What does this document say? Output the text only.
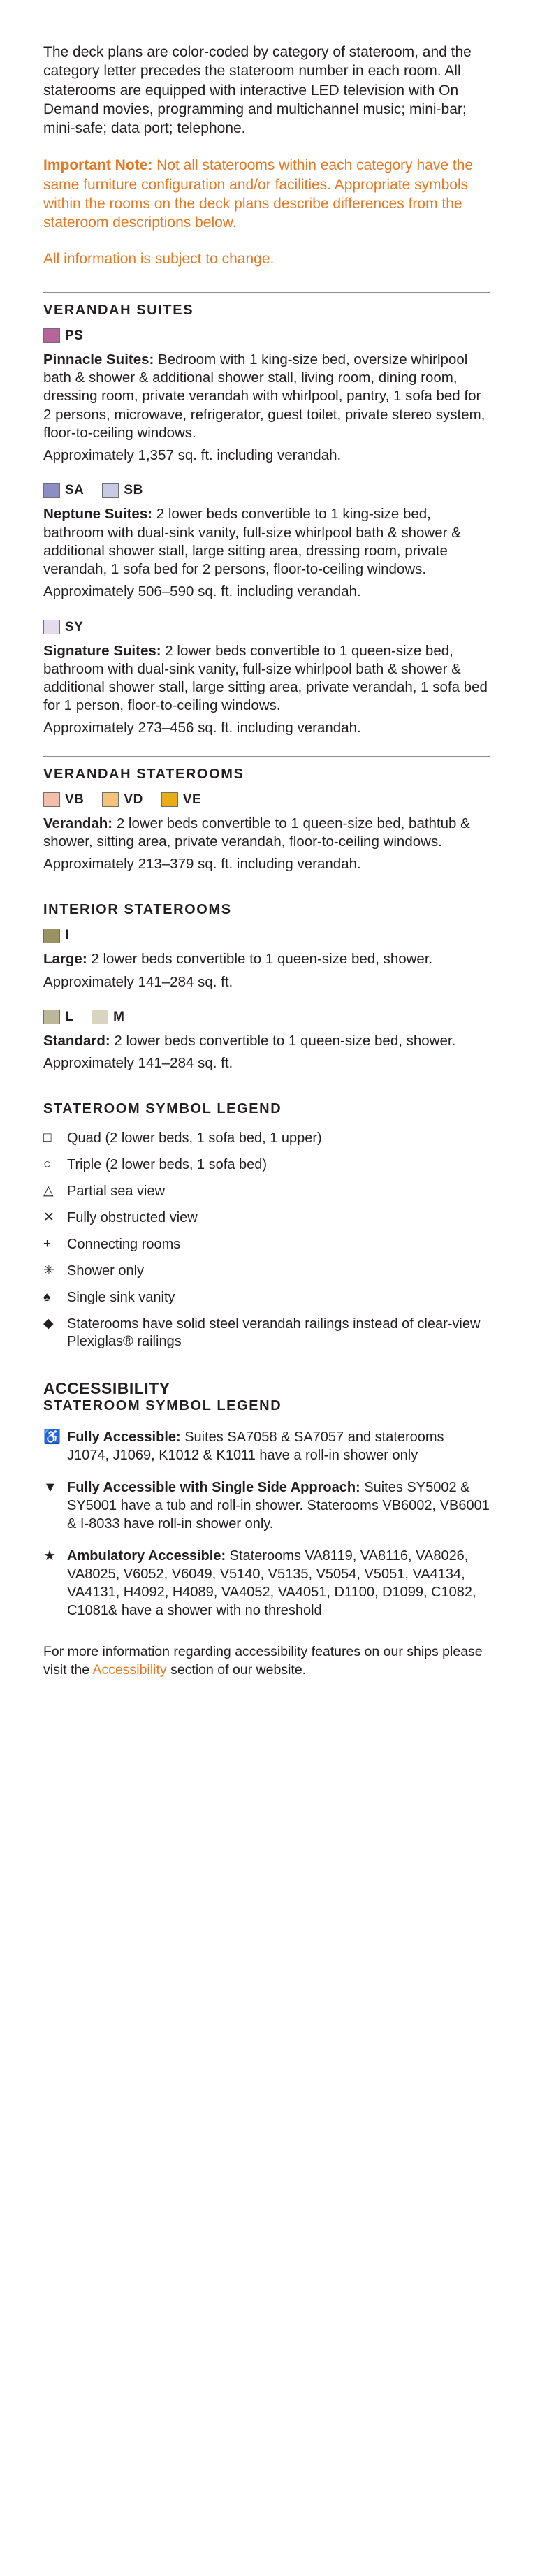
The deck plans are color-coded by category of stateroom, and the category letter precedes the stateroom number in each room. All staterooms are equipped with interactive LED television with On Demand movies, programming and multichannel music; mini-bar; mini-safe; data port; telephone.

Important Note: Not all staterooms within each category have the same furniture configuration and/or facilities. Appropriate symbols within the rooms on the deck plans describe differences from the stateroom descriptions below.

All information is subject to change.

VERANDAH SUITES
PS

Pinnacle Suites: Bedroom with 1 king-size bed, oversize whirlpool bath & shower & additional shower stall, living room, dining room, dressing room, private verandah with whirlpool, pantry, 1 sofa bed for 2 persons, microwave, refrigerator, guest toilet, private stereo system, floor-to-ceiling windows.

Approximately 1,357 sq. ft. including verandah.

SA	SB

Neptune Suites: 2 lower beds convertible to 1 king-size bed, bathroom with dual-sink vanity, full-size whirlpool bath & shower & additional shower stall, large sitting area, dressing room, private verandah, 1 sofa bed for 2 persons, floor-to-ceiling windows.

Approximately 506–590 sq. ft. including verandah.

SY

Signature Suites: 2 lower beds convertible to 1 queen-size bed, bathroom with dual-sink vanity, full-size whirlpool bath & shower & additional shower stall, large sitting area, private verandah, 1 sofa bed for 1 person, floor-to-ceiling windows.

Approximately 273–456 sq. ft. including verandah.

VERANDAH STATEROOMS
VB	VD	VE

Verandah: 2 lower beds convertible to 1 queen-size bed, bathtub & shower, sitting area, private verandah, floor-to-ceiling windows.

Approximately 213–379 sq. ft. including verandah.

INTERIOR STATEROOMS
I

Large: 2 lower beds convertible to 1 queen-size bed, shower.

Approximately 141–284 sq. ft.

L	M

Standard: 2 lower beds convertible to 1 queen-size bed, shower.

Approximately 141–284 sq. ft.

STATEROOM SYMBOL LEGEND
□	Quad (2 lower beds, 1 sofa bed, 1 upper)
○	Triple (2 lower beds, 1 sofa bed)
△ Partial sea view
✕ Fully obstructed view
+	Connecting rooms
✳ Shower only
♠	Single sink vanity
◆ Staterooms have solid steel verandah railings instead of clear-view Plexiglas® railings
ACCESSIBILITY
STATEROOM SYMBOL LEGEND
♿ Fully Accessible: Suites SA7058 & SA7057 and staterooms J1074, J1069, K1012 & K1011 have a roll-in shower only
▼ Fully Accessible with Single Side Approach: Suites SY5002 & SY5001 have a tub and roll-in shower. Staterooms VB6002, VB6001 & I-8033 have roll-in shower only.
★ Ambulatory Accessible: Staterooms VA8119, VA8116, VA8026, VA8025, V6052, V6049, V5140, V5135, V5054, V5051, VA4134, VA4131, H4092, H4089, VA4052, VA4051, D1100, D1099, C1082, C1081& have a shower with no threshold

For more information regarding accessibility features on our ships please visit the Accessibility section of our website.
